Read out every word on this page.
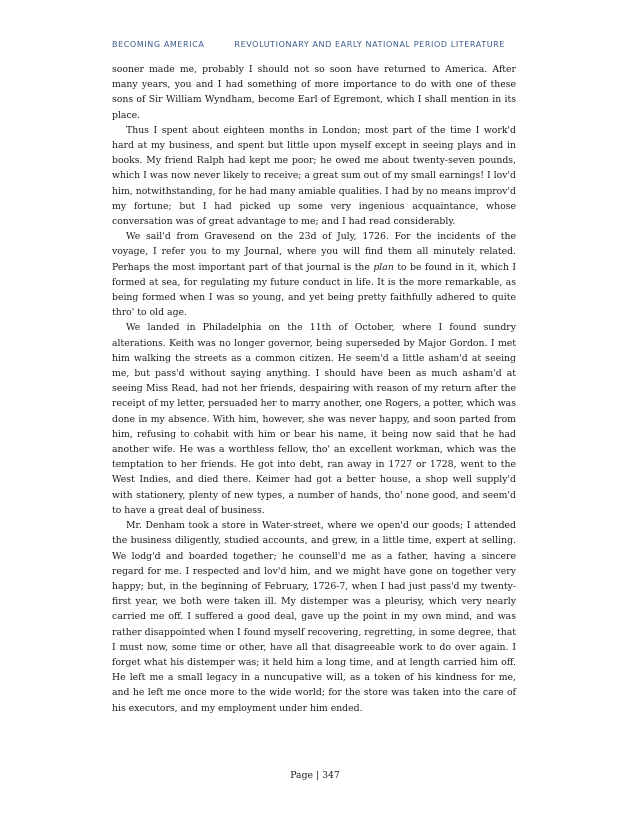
BECOMING AMERICA	REVOLUTIONARY AND EARLY NATIONAL PERIOD LITERATURE

sooner made me, probably I should not so soon have returned to America. After many years, you and I had something of more importance to do with one of these sons of Sir William Wyndham, become Earl of Egremont, which I shall mention in its place.

Thus I spent about eighteen months in London; most part of the time I work'd hard at my business, and spent but little upon myself except in seeing plays and in books. My friend Ralph had kept me poor; he owed me about twenty-seven pounds, which I was now never likely to receive; a great sum out of my small earnings! I lov'd him, notwithstanding, for he had many amiable qualities. I had by no means improv'd my fortune; but I had picked up some very ingenious acquaintance, whose conversation was of great advantage to me; and I had read considerably.

We sail'd from Gravesend on the 23d of July, 1726. For the incidents of the voyage, I refer you to my Journal, where you will find them all minutely related. Perhaps the most important part of that journal is the plan to be found in it, which I formed at sea, for regulating my future conduct in life. It is the more remarkable, as being formed when I was so young, and yet being pretty faithfully adhered to quite thro' to old age.

We landed in Philadelphia on the 11th of October, where I found sundry alterations. Keith was no longer governor, being superseded by Major Gordon. I met him walking the streets as a common citizen. He seem'd a little asham'd at seeing me, but pass'd without saying anything. I should have been as much asham'd at seeing Miss Read, had not her friends, despairing with reason of my return after the receipt of my letter, persuaded her to marry another, one Rogers, a potter, which was done in my absence. With him, however, she was never happy, and soon parted from him, refusing to cohabit with him or bear his name, it being now said that he had another wife. He was a worthless fellow, tho' an excellent workman, which was the temptation to her friends. He got into debt, ran away in 1727 or 1728, went to the West Indies, and died there. Keimer had got a better house, a shop well supply'd with stationery, plenty of new types, a number of hands, tho' none good, and seem'd to have a great deal of business.

Mr. Denham took a store in Water-street, where we open'd our goods; I attended the business diligently, studied accounts, and grew, in a little time, expert at selling. We lodg'd and boarded together; he counsell'd me as a father, having a sincere regard for me. I respected and lov'd him, and we might have gone on together very happy; but, in the beginning of February, 1726-7, when I had just pass'd my twenty-first year, we both were taken ill. My distemper was a pleurisy, which very nearly carried me off. I suffered a good deal, gave up the point in my own mind, and was rather disappointed when I found myself recovering, regretting, in some degree, that I must now, some time or other, have all that disagreeable work to do over again. I forget what his distemper was; it held him a long time, and at length carried him off. He left me a small legacy in a nuncupative will, as a token of his kindness for me, and he left me once more to the wide world; for the store was taken into the care of his executors, and my employment under him ended.

Page | 347
